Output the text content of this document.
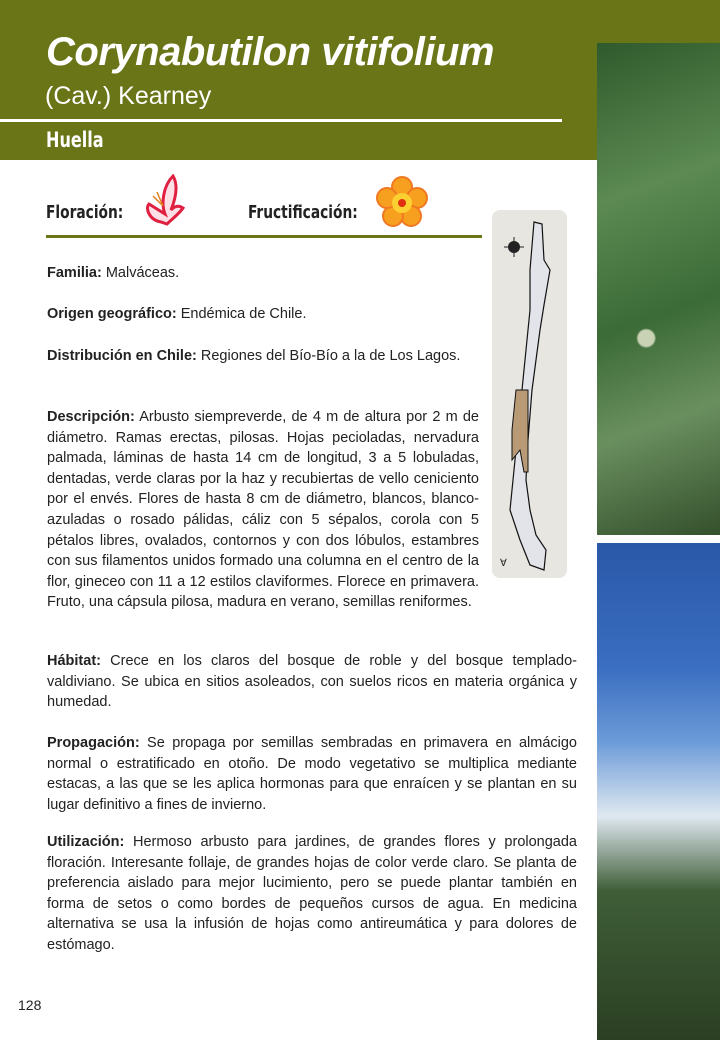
Corynabutilon vitifolium
(Cav.) Kearney
Huella
Floración:	Fructificación:
∀
Familia: Malváceas.
Origen geográfico: Endémica de Chile.
Distribución en Chile: Regiones del Bío-Bío a la de Los Lagos.
Descripción: Arbusto siempreverde, de 4 m de altura por 2 m de diámetro. Ramas erectas, pilosas. Hojas pecioladas, nervadura palmada, láminas de hasta 14 cm de longitud, 3 a 5 lobuladas, dentadas, verde claras por la haz y recubiertas de vello ceniciento por el envés. Flores de hasta 8 cm de diámetro, blancos, blanco-azuladas o rosado pálidas, cáliz con 5 sépalos, corola con 5 pétalos libres, ovalados, contornos y con dos lóbulos, estambres con sus filamentos unidos formado una columna en el centro de la flor, gineceo con 11 a 12 estilos claviformes. Florece en primavera. Fruto, una cápsula pilosa, madura en verano, semillas reniformes.
Hábitat: Crece en los claros del bosque de roble y del bosque templado-valdiviano. Se ubica en sitios asoleados, con suelos ricos en materia orgánica y humedad.
Propagación: Se propaga por semillas sembradas en primavera en almácigo normal o estratificado en otoño. De modo vegetativo se multiplica mediante estacas, a las que se les aplica hormonas para que enraícen y se plantan en su lugar definitivo a fines de invierno.
Utilización: Hermoso arbusto para jardines, de grandes flores y prolongada floración. Interesante follaje, de grandes hojas de color verde claro. Se planta de preferencia aislado para mejor lucimiento, pero se puede plantar también en forma de setos o como bordes de pequeños cursos de agua. En medicina alternativa se usa la infusión de hojas como antireumática y para dolores de estómago.
128
